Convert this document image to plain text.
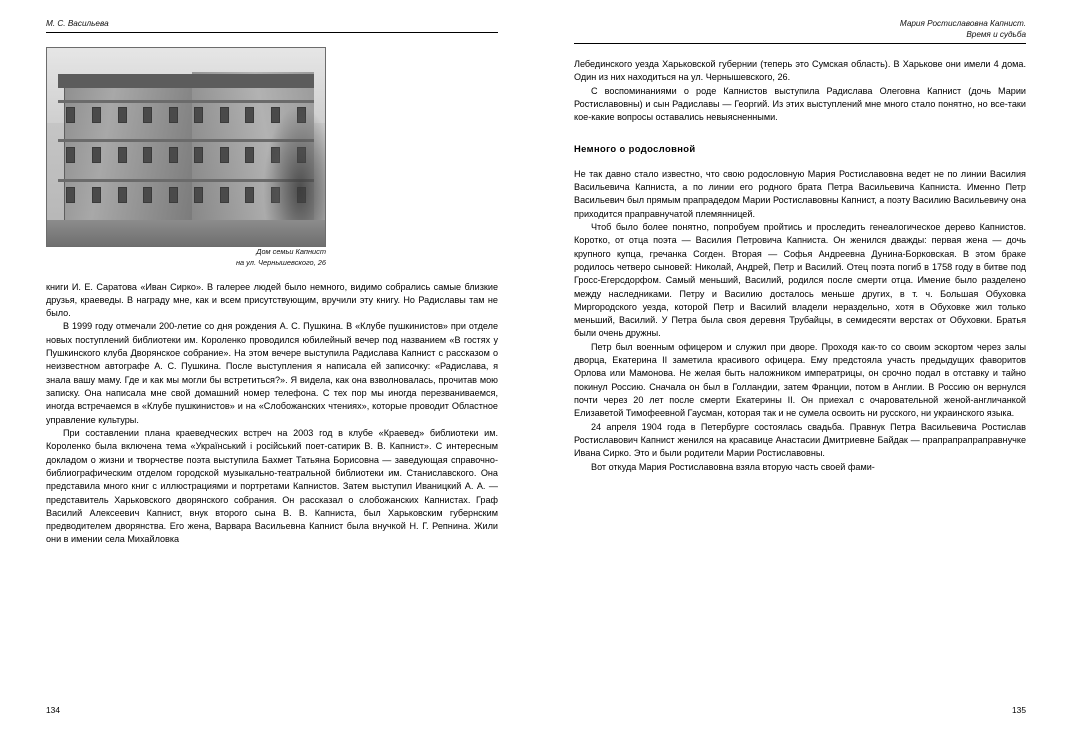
М. С. Васильева
Дом семьи Капнист
на ул. Чернышевского, 26

книги И. Е. Саратова «Иван Сирко». В галерее людей было немного, видимо собрались самые близкие друзья, краеведы. В награду мне, как и всем присутствующим, вручили эту книгу. Но Радиславы там не было.

В 1999 году отмечали 200-летие со дня рождения А. С. Пушкина. В «Клубе пушкинистов» при отделе новых поступлений библиотеки им. Короленко проводился юбилейный вечер под названием «В гостях у Пушкинского клуба Дворянское собрание». На этом вечере выступила Радислава Капнист с рассказом о неизвестном автографе А. С. Пушкина. После выступления я написала ей записочку: «Радислава, я знала вашу маму. Где и как мы могли бы встретиться?». Я видела, как она взволновалась, прочитав мою записку. Она написала мне свой домашний номер телефона. С тех пор мы иногда перезваниваемся, иногда встречаемся в «Клубе пушкинистов» и на «Слобожанских чтениях», которые проводит Областное управление культуры.

При составлении плана краеведческих встреч на 2003 год в клубе «Краевед» библиотеки им. Короленко была включена тема «Український і російський поет-сатирик В. В. Капнист». С интересным докладом о жизни и творчестве поэта выступила Бахмет Татьяна Борисовна — заведующая справочно-библиографическим отделом городской музыкально-театральной библиотеки им. Станиславского. Она представила много книг с иллюстрациями и портретами Капнистов. Затем выступил Иваницкий А. А. — представитель Харьковского дворянского собрания. Он рассказал о слобожанских Капнистах. Граф Василий Алексеевич Капнист, внук второго сына В. В. Капниста, был Харьковским губернским предводителем дворянства. Его жена, Варвара Васильевна Капнист была внучкой Н. Г. Репнина. Жили они в имении села Михайловка

134
Мария Ростиславовна Капнист.
Время и судьба

Лебединского уезда Харьковской губернии (теперь это Сумская область). В Харькове они имели 4 дома. Один из них находиться на ул. Чернышевского, 26.

С воспоминаниями о роде Капнистов выступила Радислава Олеговна Капнист (дочь Марии Ростиславовны) и сын Радиславы — Георгий. Из этих выступлений мне много стало понятно, но все-таки кое-какие вопросы оставались невыясненными.

Немного о родословной

Не так давно стало известно, что свою родословную Мария Ростиславовна ведет не по линии Василия Васильевича Капниста, а по линии его родного брата Петра Васильевича Капниста. Именно Петр Васильевич был прямым прапрадедом Марии Ростиславовны Капнист, а поэту Василию Васильевичу она приходится праправнучатой племянницей.

Чтоб было более понятно, попробуем пройтись и проследить генеалогическое дерево Капнистов. Коротко, от отца поэта — Василия Петровича Капниста. Он женился дважды: первая жена — дочь крупного купца, гречанка Согден. Вторая — Софья Андреевна Дунина-Борковская. В этом браке родилось четверо сыновей: Николай, Андрей, Петр и Василий. Отец поэта погиб в 1758 году в битве под Гросс-Егерсдорфом. Самый меньший, Василий, родился после смерти отца. Имение было разделено между наследниками. Петру и Василию досталось меньше других, в т. ч. Большая Обуховка Миргородского уезда, которой Петр и Василий владели нераздельно, хотя в Обуховке жил только меньший, Василий. У Петра была своя деревня Трубайцы, в семидесяти верстах от Обуховки. Братья были очень дружны.

Петр был военным офицером и служил при дворе. Проходя как-то со своим эскортом через залы дворца, Екатерина II заметила красивого офицера. Ему предстояла участь предыдущих фаворитов Орлова или Мамонова. Не желая быть наложником императрицы, он срочно подал в отставку и тайно покинул Россию. Сначала он был в Голландии, затем Франции, потом в Англии. В Россию он вернулся почти через 20 лет после смерти Екатерины II. Он приехал с очаровательной женой-англичанкой Елизаветой Тимофеевной Гаусман, которая так и не сумела освоить ни русского, ни украинского языка.

24 апреля 1904 года в Петербурге состоялась свадьба. Правнук Петра Васильевича Ростислав Ростиславович Капнист женился на красавице Анастасии Дмитриевне Байдак — прапрапрапраправнучке Ивана Сирко. Это и были родители Марии Ростиславовны.

Вот откуда Мария Ростиславовна взяла вторую часть своей фами-

135
